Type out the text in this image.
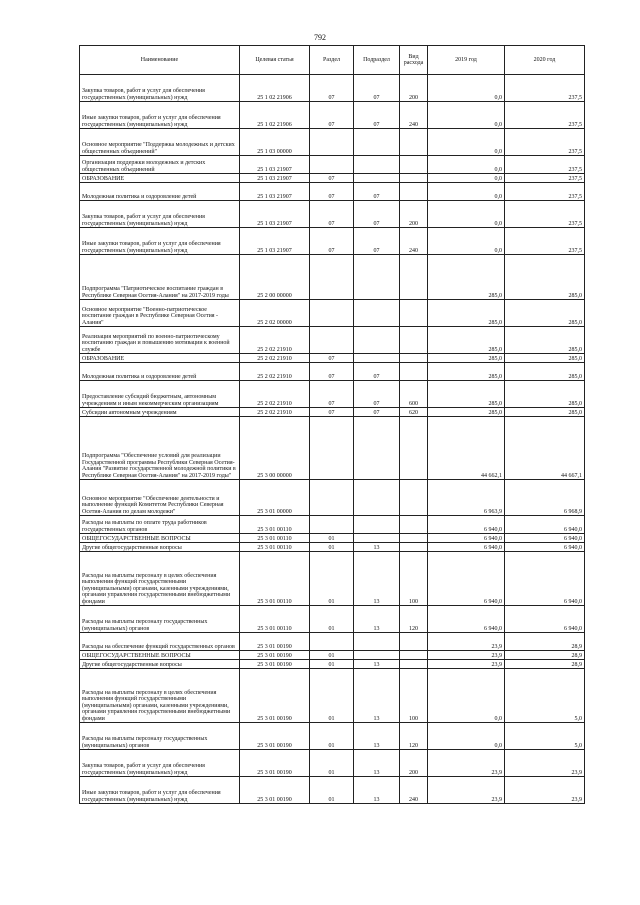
792
Наименование	Целевая статья	Раздел	Подраздел	Вид расхода	2019 год	2020 год
Закупка товаров, работ и услуг для обеспечения государственных (муниципальных) нужд	25 1 02 21906	07	07	200	0,0	237,5
Иные закупки товаров, работ и услуг для обеспечения государственных (муниципальных) нужд	25 1 02 21906	07	07	240	0,0	237,5
Основное мероприятие "Поддержка молодежных и детских общественных объединений"	25 1 03 00000				0,0	237,5
Организация поддержки молодежных и детских общественных объединений	25 1 03 21907				0,0	237,5
ОБРАЗОВАНИЕ	25 1 03 21907	07			0,0	237,5
Молодежная политика и оздоровление детей	25 1 03 21907	07	07		0,0	237,5
Закупка товаров, работ и услуг для обеспечения государственных (муниципальных) нужд	25 1 03 21907	07	07	200	0,0	237,5
Иные закупки товаров, работ и услуг для обеспечения государственных (муниципальных) нужд	25 1 03 21907	07	07	240	0,0	237,5
Подпрограмма "Патриотическое воспитание граждан в Республике Северная Осетия-Алания" на 2017-2019 годы	25 2 00 00000				285,0	285,0
Основное мероприятие "Военно-патриотическое воспитание граждан в Республике Северная Осетия - Алания"	25 2 02 00000				285,0	285,0
Реализация мероприятий по военно-патриотическому воспитанию граждан и повышению мотивации к военной службе	25 2 02 21910				285,0	285,0
ОБРАЗОВАНИЕ	25 2 02 21910	07			285,0	285,0
Молодежная политика и оздоровление детей	25 2 02 21910	07	07		285,0	285,0
Предоставление субсидий бюджетным, автономным учреждениям и иным некоммерческим организациям	25 2 02 21910	07	07	600	285,0	285,0
Субсидии автономным учреждениям	25 2 02 21910	07	07	620	285,0	285,0
Подпрограмма "Обеспечение условий для реализации Государственной программы Республики Северная Осетия-Алания "Развитие государственной молодежной политики в Республике Северная Осетия-Алания" на 2017-2019 годы"	25 3 00 00000				44 662,1	44 667,1
Основное мероприятие "Обеспечение деятельности и выполнение функций Комитетом Республики Северная Осетия-Алания по делам молодежи"	25 3 01 00000				6 963,9	6 968,9
Расходы на выплаты по оплате труда работников государственных органов	25 3 01 00110				6 940,0	6 940,0
ОБЩЕГОСУДАРСТВЕННЫЕ ВОПРОСЫ	25 3 01 00110	01			6 940,0	6 940,0
Другие общегосударственные вопросы	25 3 01 00110	01	13		6 940,0	6 940,0
Расходы на выплаты персоналу в целях обеспечения выполнения функций государственными (муниципальными) органами, казенными учреждениями, органами управления государственными внебюджетными фондами	25 3 01 00110	01	13	100	6 940,0	6 940,0
Расходы на выплаты персоналу государственных (муниципальных) органов	25 3 01 00110	01	13	120	6 940,0	6 940,0
Расходы на обеспечение функций государственных органов	25 3 01 00190				23,9	28,9
ОБЩЕГОСУДАРСТВЕННЫЕ ВОПРОСЫ	25 3 01 00190	01			23,9	28,9
Другие общегосударственные вопросы	25 3 01 00190	01	13		23,9	28,9
Расходы на выплаты персоналу в целях обеспечения выполнения функций государственными (муниципальными) органами, казенными учреждениями, органами управления государственными внебюджетными фондами	25 3 01 00190	01	13	100	0,0	5,0
Расходы на выплаты персоналу государственных (муниципальных) органов	25 3 01 00190	01	13	120	0,0	5,0
Закупка товаров, работ и услуг для обеспечения государственных (муниципальных) нужд	25 3 01 00190	01	13	200	23,9	23,9
Иные закупки товаров, работ и услуг для обеспечения государственных (муниципальных) нужд	25 3 01 00190	01	13	240	23,9	23,9
